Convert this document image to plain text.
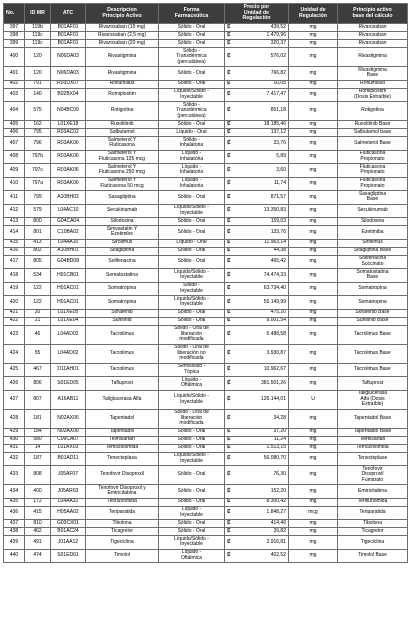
No.	ID MR	ATC	Descripcion
Principio Activo	Forma
Farmaceútica	Precio por
Unidad de
Regulación	Unidad de
Regulación	Principio activo
base del cálculo
397	119b	B01AF01	Rivaroxaban (15 mg)	Sólido - Oral	₡ 439,52	mg	Rivaroxaban
398	119c	B01AF01	Rivaroxaban (2,5 mg)	Sólido - Oral	₡ 1.479,96	mg	Rivaroxaban
399	119c	B01AF01	Rivaroxaban (20 mg)	Sólido - Oral	₡ 320,37	mg	Rivaroxaban
400	120	N06DA03	Rivastigmina	Sólido -
Transdérmica
(percutánea)	₡ 576,02	mg	Rivastigmina
401	120	N06DA03	Rivastigmina	Sólido - Oral	₡ 766,82	mg	Rivastigmina
Base
402	791	R03DX07	Roflumilast	Sólido - Oral	₡ 10,05	mg	Roflumilast
403	140	B02BX04	Romiplostim	Líquido/Sólido -
Inyectable	₡ 7.417,47	mg	Romiplostim
(Dosis Extraíble)
404	575	N04BC09	Rotigotina	Sólido -
Transdérmica
(percutánea)	₡ 851,18	mg	Rotigotina
405	162	L01XE18	Ruxolitinib	Sólido - Oral	₡ 18.185,46	mg	Ruxolitinib Base
406	795	R03AC02	Salbutamol	Líquido - Oral	₡ 137,12	mg	Salbutamol base
407	796	R03AK06	Salmeterol Y
Fluticasona	Sólido -
Inhalatoria	₡ 33,76	mg	Salmeterol Base
408	797b	R03AK06	Salmeterol Y
Fluticasona 125 mcg	Líquido -
Inhalatoria	₡ 5,89	mg	Fluticasona
Propionato
409	797c	R03AK06	Salmeterol Y
Fluticasona 250 mcg	Líquido -
Inhalatoria	₡ 3,60	mg	Fluticasona
Propionato
410	797a	R03AK06	Salmeterol Y
Fluticasona 50 mcg	Líquido -
Inhalatoria	₡ 11,74	mg	Fluticasona
Propionato
411	799	A10BH03	Saxagliptina	Sólido - Oral	₡ 871,57	mg	Saxagliptina
Base
412	579	L04AC10	Secukinumab	Líquido/Sólido -
Inyectable	₡ 13.350,83	mg	Secukinumab
413	800	G04CA04	Silodosina	Sólido - Oral	₡ 159,03	mg	Silodosina
414	801	C10BA02	Simvastatin Y
Ezetimibe	Sólido - Oral	₡ 133,76	mg	Ezetimiba
415	413	L04AA10	Sirolimus	Líquido - Oral	₡ 11.963,14	mg	Sirolimus
416	802	A10BH01	Sitagliptina	Sólido - Oral	₡ 44,38	mg	Sitagliptina Base
417	805	G04BD08	Solifenacina	Sólido - Oral	₡ 465,42	mg	Solifenacina
Succinato
418	534	H01CB01	Somatostatina	Líquido/Sólido -
Inyectable	₡ 74.474,33	mg	Somatostatina
Base
419	122	H01AC01	Somatropina	Sólido -
Inyectable	₡ 63.734,40	mg	Somatropina
420	122	H01AC01	Somatropina	Líquido/Sólido -
Inyectable	₡ 55.149,99	mg	Somatropina
421	20	L01XE05	Sorafenib	Sólido - Oral	₡ 475,20	mg	Sorafenib Base
422	21	L01XE04	Sunitinib	Sólido - Oral	₡ 9.001,54	mg	Sunitinib Base
423	46	L04AD02	Tacrolimus	Sólido - Oral de
liberación
modificada	₡ 5.488,58	mg	Tacrolimus Base
424	55	L04AD02	Tacrolimus	Sólido - Oral de
liberación no
modificada	₡ 3.930,87	mg	Tacrolimus Base
425	467	D11AH01	Tacrolimus	Semisólido -
Tópica	₡ 10.962,67	mg	Tacrolimus Base
426	806	S01ED05	Tafluprost	Líquido -
Oftálmica	₡ 381.501,26	mg	Tafluprost
427	807	A16AB11	Taliglucerasa Alfa	Líquido/Sólido -
Inyectable	₡ 126.144,01	U	Taliglucerasa
Alfa (Dosis
Extraíble)
428	181	N02AX06	Tapentadol	Sólido - Oral de
liberación
modificada	₡ 34,28	mg	Tapentadol Base
429	184	N02AX06	Tapentadol	Sólido - Oral	₡ 37,20	mg	Tapentadol Base
430	580	C09CA07	Telmisartan	Sólido - Oral	₡ 11,24	mg	Telmisartan
431	14	L01AX03	Temozolomida	Sólido - Oral	₡ 1.513,15	mg	Temozolomida
432	187	B01AD11	Tenecteplasa	Líquido/Sólido -
Inyectable	₡ 56.080,70	mg	Tenecteplase
433	808	J05AF07	Tenofovir Disoproxil	Sólido - Oral	₡ 76,30	mg	Tenofovir
Disoproxil
Fumarato
434	400	J05AR03	Tenofovir Disoproxil y
Emtricitabina	Sólido - Oral	₡ 152,20	mg	Emtricitabina
435	172	L04AA31	Teriflunomida	Sólido - Oral	₡ 8.300,42	mg	Teriflunomida
436	415	H05AA02	Teriparatida	Líquido -
Inyectable	₡ 1.848,27	mcg	Teriparatida
437	810	G03CX01	Tibolona	Sólido - Oral	₡ 414,46	mg	Tibolona
438	462	B01AC24	Ticagrelor	Sólido - Oral	₡ 39,82	mg	Ticagrelor
439	491	J01AA12	Tigeciclina	Líquido/Sólido -
Inyectable	₡ 2.916,81	mg	Tigeciclina
440	474	S01ED01	Timolol	Líquido -
Oftálmica	₡ 402,52	mg	Timolol Base
